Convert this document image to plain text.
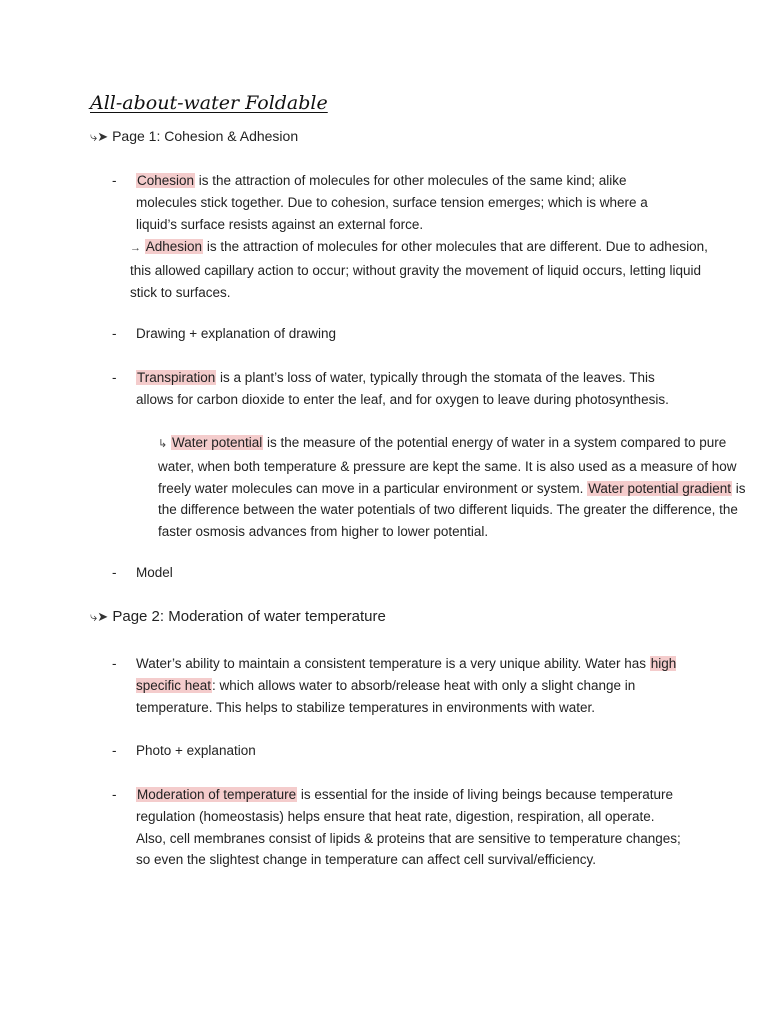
All-about-water Foldable
⤷➤ Page 1: Cohesion & Adhesion
- Cohesion is the attraction of molecules for other molecules of the same kind; alike molecules stick together. Due to cohesion, surface tension emerges; which is where a liquid’s surface resists against an external force.
→ Adhesion is the attraction of molecules for other molecules that are different. Due to adhesion, this allowed capillary action to occur; without gravity the movement of liquid occurs, letting liquid stick to surfaces.
- Drawing + explanation of drawing
- Transpiration is a plant’s loss of water, typically through the stomata of the leaves. This allows for carbon dioxide to enter the leaf, and for oxygen to leave during photosynthesis.
↳ Water potential is the measure of the potential energy of water in a system compared to pure water, when both temperature & pressure are kept the same. It is also used as a measure of how freely water molecules can move in a particular environment or system. Water potential gradient is the difference between the water potentials of two different liquids. The greater the difference, the faster osmosis advances from higher to lower potential.
- Model
⤷➤ Page 2: Moderation of water temperature
- Water’s ability to maintain a consistent temperature is a very unique ability. Water has high specific heat: which allows water to absorb/release heat with only a slight change in temperature. This helps to stabilize temperatures in environments with water.
- Photo + explanation
- Moderation of temperature is essential for the inside of living beings because temperature regulation (homeostasis) helps ensure that heat rate, digestion, respiration, all operate. Also, cell membranes consist of lipids & proteins that are sensitive to temperature changes; so even the slightest change in temperature can affect cell survival/efficiency.
